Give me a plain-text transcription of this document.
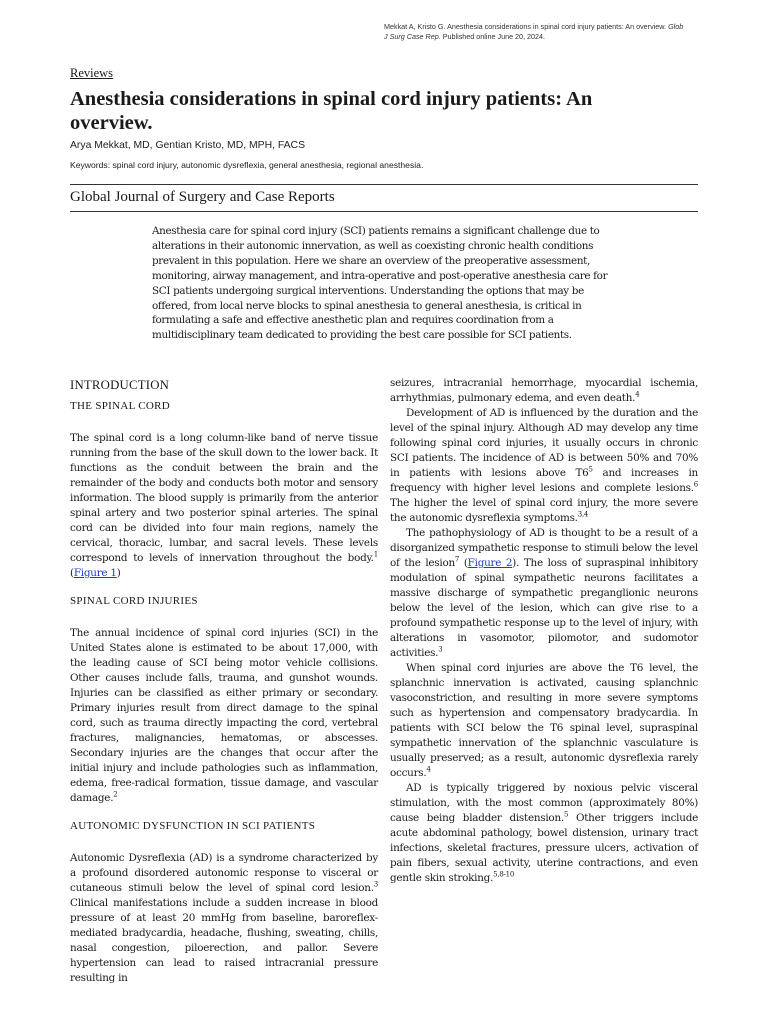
Mekkat A, Kristo G. Anesthesia considerations in spinal cord injury patients: An overview. Glob J Surg Case Rep. Published online June 20, 2024.
Reviews
Anesthesia considerations in spinal cord injury patients: An overview.
Arya Mekkat, MD, Gentian Kristo, MD, MPH, FACS
Keywords: spinal cord injury, autonomic dysreflexia, general anesthesia, regional anesthesia.
Global Journal of Surgery and Case Reports

Anesthesia care for spinal cord injury (SCI) patients remains a significant challenge due to alterations in their autonomic innervation, as well as coexisting chronic health conditions prevalent in this population. Here we share an overview of the preoperative assessment, monitoring, airway management, and intra-operative and post-operative anesthesia care for SCI patients undergoing surgical interventions. Understanding the options that may be offered, from local nerve blocks to spinal anesthesia to general anesthesia, is critical in formulating a safe and effective anesthetic plan and requires coordination from a multidisciplinary team dedicated to providing the best care possible for SCI patients.

INTRODUCTION
THE SPINAL CORD

The spinal cord is a long column-like band of nerve tissue running from the base of the skull down to the lower back. It functions as the conduit between the brain and the remainder of the body and conducts both motor and sensory information. The blood supply is primarily from the anterior spinal artery and two posterior spinal arteries. The spinal cord can be divided into four main regions, namely the cervical, thoracic, lumbar, and sacral levels. These levels correspond to levels of innervation throughout the body.$^1$ (Figure 1)

SPINAL CORD INJURIES

The annual incidence of spinal cord injuries (SCI) in the United States alone is estimated to be about 17,000, with the leading cause of SCI being motor vehicle collisions. Other causes include falls, trauma, and gunshot wounds. Injuries can be classified as either primary or secondary. Primary injuries result from direct damage to the spinal cord, such as trauma directly impacting the cord, vertebral fractures, malignancies, hematomas, or abscesses. Secondary injuries are the changes that occur after the initial injury and include pathologies such as inflammation, edema, free-radical formation, tissue damage, and vascular damage.$^2$

AUTONOMIC DYSFUNCTION IN SCI PATIENTS

Autonomic Dysreflexia (AD) is a syndrome characterized by a profound disordered autonomic response to visceral or cutaneous stimuli below the level of spinal cord lesion.$^3$ Clinical manifestations include a sudden increase in blood pressure of at least 20 mmHg from baseline, baroreflex-mediated bradycardia, headache, flushing, sweating, chills, nasal congestion, piloerection, and pallor. Severe hypertension can lead to raised intracranial pressure resulting in

seizures, intracranial hemorrhage, myocardial ischemia, arrhythmias, pulmonary edema, and even death.$^4$

Development of AD is influenced by the duration and the level of the spinal injury. Although AD may develop any time following spinal cord injuries, it usually occurs in chronic SCI patients. The incidence of AD is between 50% and 70% in patients with lesions above $T6^5$ and increases in frequency with higher level lesions and complete lesions.$^6$ The higher the level of spinal cord injury, the more severe the autonomic dysreflexia symptoms.$^{3,4}$

The pathophysiology of AD is thought to be a result of a disorganized sympathetic response to stimuli below the level of the lesion$^7$ (Figure 2). The loss of supraspinal inhibitory modulation of spinal sympathetic neurons facilitates a massive discharge of sympathetic preganglionic neurons below the level of the lesion, which can give rise to a profound sympathetic response up to the level of injury, with alterations in vasomotor, pilomotor, and sudomotor activities.$^3$

When spinal cord injuries are above the T6 level, the splanchnic innervation is activated, causing splanchnic vasoconstriction, and resulting in more severe symptoms such as hypertension and compensatory bradycardia. In patients with SCI below the T6 spinal level, supraspinal sympathetic innervation of the splanchnic vasculature is usually preserved; as a result, autonomic dysreflexia rarely occurs.$^4$

AD is typically triggered by noxious pelvic visceral stimulation, with the most common (approximately 80%) cause being bladder distension.$^5$ Other triggers include acute abdominal pathology, bowel distension, urinary tract infections, skeletal fractures, pressure ulcers, activation of pain fibers, sexual activity, uterine contractions, and even gentle skin stroking.$^{5,8-10}$
